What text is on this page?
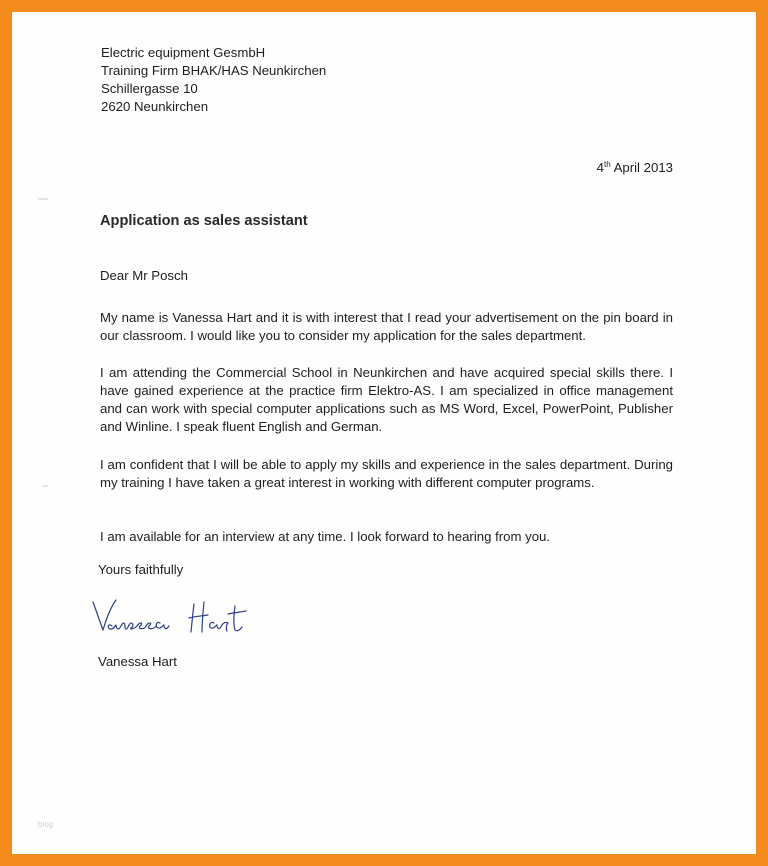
Electric equipment GesmbH
Training Firm BHAK/HAS Neunkirchen
Schillergasse 10
2620 Neunkirchen
4th April 2013
Application as sales assistant
Dear Mr Posch

My name is Vanessa Hart and it is with interest that I read your advertisement on the pin board in our classroom. I would like you to consider my application for the sales department.

I am attending the Commercial School in Neunkirchen and have acquired special skills there. I have gained experience at the practice firm Elektro-AS. I am specialized in office management and can work with special computer applications such as MS Word, Excel, PowerPoint, Publisher and Winline. I speak fluent English and German.

I am confident that I will be able to apply my skills and experience in the sales department. During my training I have taken a great interest in working with different computer programs.

I am available for an interview at any time. I look forward to hearing from you.

Yours faithfully
Vanessa Hart
blog
